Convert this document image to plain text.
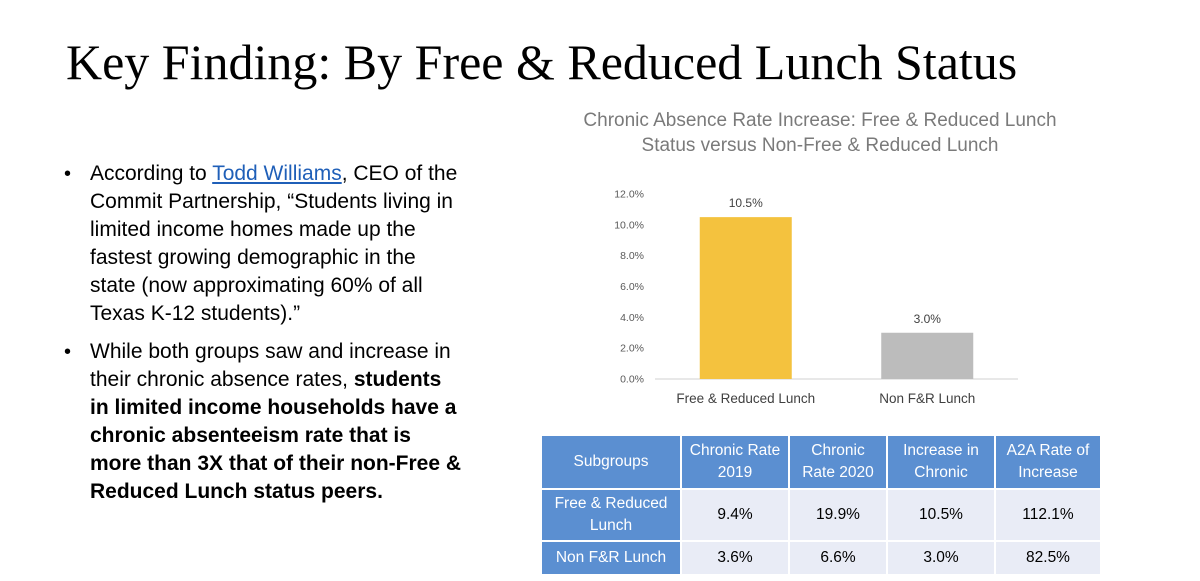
Key Finding: By Free & Reduced Lunch Status
• According to Todd Williams, CEO of the Commit Partnership, “Students living in limited income homes made up the fastest growing demographic in the state (now approximating 60% of all Texas K-12 students).”
• While both groups saw and increase in their chronic absence rates, students in limited income households have a chronic absenteeism rate that is more than 3X that of their non-Free & Reduced Lunch status peers.
Chronic Absence Rate Increase: Free & Reduced Lunch
Status versus Non-Free & Reduced Lunch
0.0%
2.0%
4.0%
6.0%
8.0%
10.0%
12.0%
10.5%
Free & Reduced Lunch
3.0%
Non F&R Lunch
Subgroups	Chronic Rate 2019	Chronic Rate 2020	Increase in Chronic	A2A Rate of Increase
Free & Reduced Lunch	9.4%	19.9%	10.5%	112.1%
Non F&R Lunch	3.6%	6.6%	3.0%	82.5%
